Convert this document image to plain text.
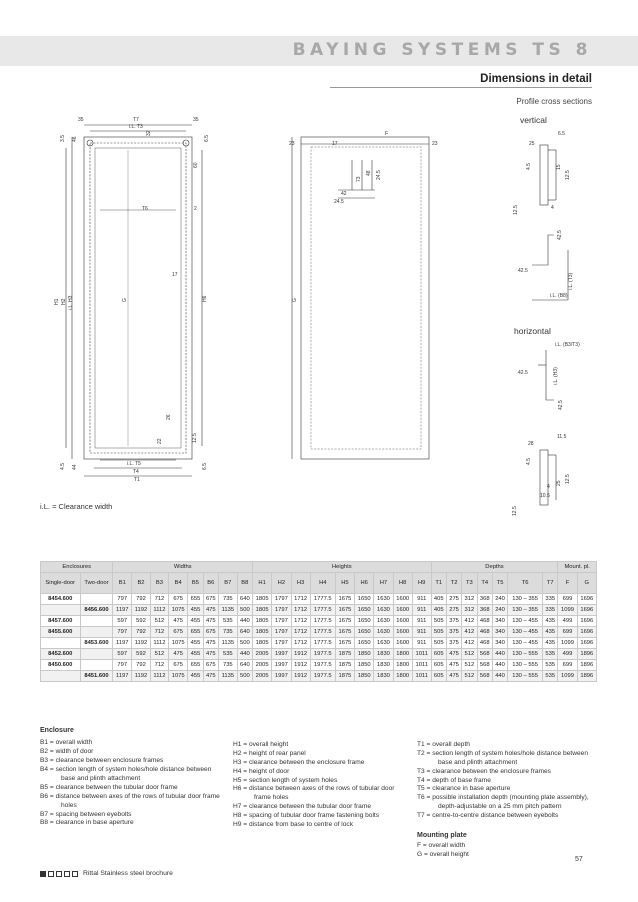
BAYING SYSTEMS TS 8
Dimensions in detail
Profile cross sections
vertical
horizontal
35	T7	35
i.L. T3
32
3.5 46	6.5
60
T6	2
17
G	H6
H1 H2 i.L. H3
26
22	12.5
4.5 44	6.5
i.L. T5
T4
T1
23	17
F
23
73
48 24.5
42
24.5
G
6.5
25
4.5	15
12.5
12.5	4
42.5
42.5
i.L. (T3)
i.L. (B8)
i.L. (B3/T3)
42.5	i.L. (H3)
42.5
11.5
28
4.5
25 12.5
12.5
4
10.5
i.L. = Clearance width
Enclosures		Widths								Heights									Depths							Mount. pl.	
Single-door	Two-door	B1	B2	B3	B4	B5	B6	B7	B8	H1	H2	H3	H4	H5	H6	H7	H8	H9	T1	T2	T3	T4	T5	T6	T7	F	G
8454.600		797	792	712	675	655	675	735	640	1805	1797	1712	1777.5	1675	1650	1630	1600	911	405	275	312	368	240	130 – 355	335	699	1696
	8456.600	1197	1192	1112	1075	455	475	1135	500	1805	1797	1712	1777.5	1675	1650	1630	1600	911	405	275	312	368	240	130 – 355	335	1099	1696
8457.600		597	592	512	475	455	475	535	440	1805	1797	1712	1777.5	1675	1650	1630	1600	911	505	375	412	468	340	130 – 455	435	499	1696
8455.600		797	792	712	675	655	675	735	640	1805	1797	1712	1777.5	1675	1650	1630	1600	911	505	375	412	468	340	130 – 455	435	699	1696
	8453.600	1197	1192	1112	1075	455	475	1135	500	1805	1797	1712	1777.5	1675	1650	1630	1600	911	505	375	412	468	340	130 – 455	435	1099	1696
8452.600		597	592	512	475	455	475	535	440	2005	1997	1912	1977.5	1875	1850	1830	1800	1011	605	475	512	568	440	130 – 555	535	499	1896
8450.600		797	792	712	675	655	675	735	640	2005	1997	1912	1977.5	1875	1850	1830	1800	1011	605	475	512	568	440	130 – 555	535	699	1896
	8451.600	1197	1192	1112	1075	455	475	1135	500	2005	1997	1912	1977.5	1875	1850	1830	1800	1011	605	475	512	568	440	130 – 555	535	1099	1896
Enclosure
B1 = overall width
B2 = width of door
B3 = clearance between enclosure frames
B4 = section length of system holes/hole distance between base and plinth attachment
B5 = clearance between the tubular door frame
B6 = distance between axes of the rows of tubular door frame holes
B7 = spacing between eyebolts
B8 = clearance in base aperture
H1 = overall height
H2 = height of rear panel
H3 = clearance between the enclosure frame
H4 = height of door
H5 = section length of system holes
H6 = distance between axes of the rows of tubular door frame holes
H7 = clearance between the tubular door frame
H8 = spacing of tubular door frame fastening bolts
H9 = distance from base to centre of lock
T1 = overall depth
T2 = section length of system holes/hole distance between base and plinth attachment
T3 = clearance between the enclosure frames
T4 = depth of base frame
T5 = clearance in base aperture
T6 = possible installation depth (mounting plate assembly), depth-adjustable on a 25 mm pitch pattern
T7 = centre-to-centre distance between eyebolts
Mounting plate
F = overall width
G = overall height
57
Rittal Stainless steel brochure
